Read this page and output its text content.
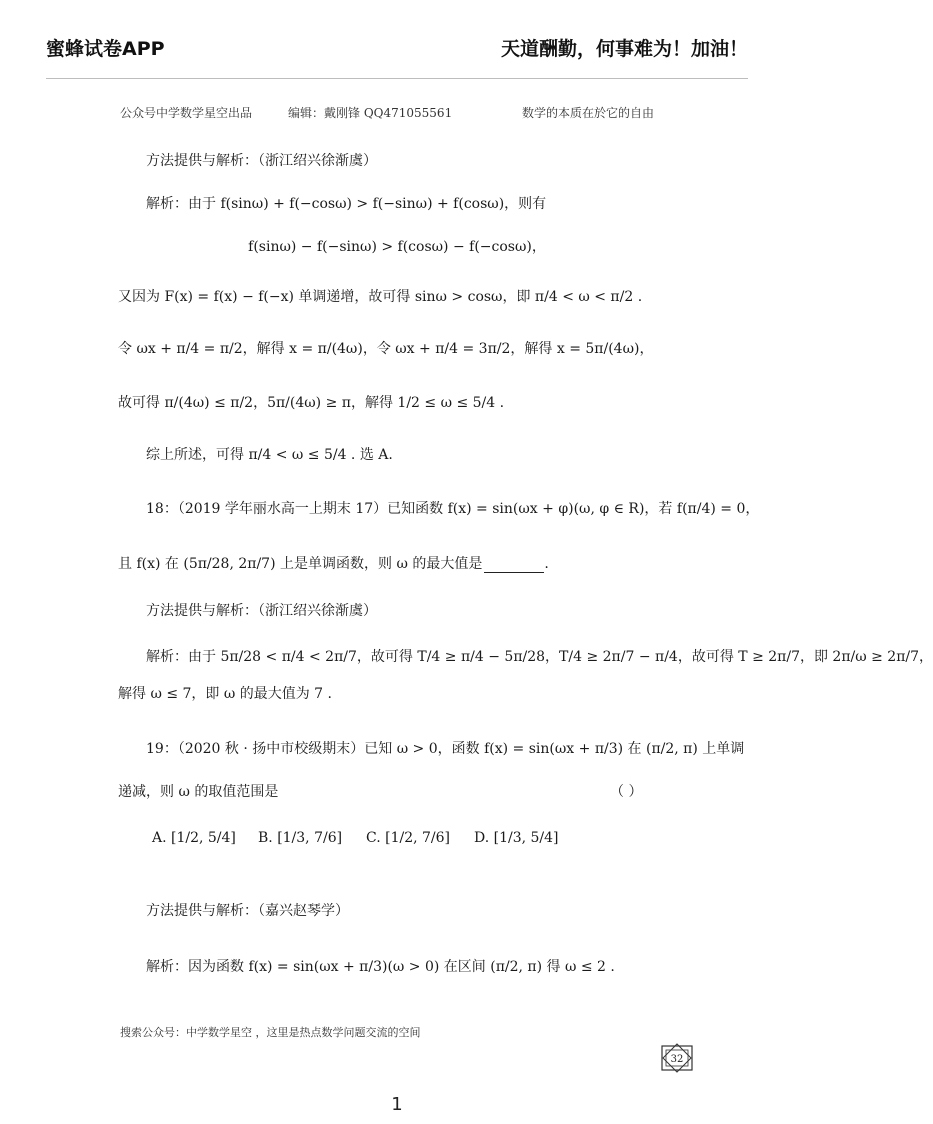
蜜蜂试卷APP	天道酬勤，何事难为！加油！
公众号中学数学星空出品	编辑：戴刚锋 QQ471055561	数学的本质在於它的自由
方法提供与解析：（浙江绍兴徐渐虞）
解析：由于 f(sinω) + f(−cosω) > f(−sinω) + f(cosω)，则有
f(sinω) − f(−sinω) > f(cosω) − f(−cosω)，
又因为 F(x) = f(x) − f(−x) 单调递增，故可得 sinω > cosω，即 π/4 < ω < π/2 .
令 ωx + π/4 = π/2，解得 x = π/(4ω)，令 ωx + π/4 = 3π/2，解得 x = 5π/(4ω)，
故可得 π/(4ω) ≤ π/2，5π/(4ω) ≥ π，解得 1/2 ≤ ω ≤ 5/4 .
综上所述，可得 π/4 < ω ≤ 5/4 . 选 A.
18：（2019 学年丽水高一上期末 17）已知函数 f(x) = sin(ωx + φ)(ω, φ ∈ R)，若 f(π/4) = 0，
且 f(x) 在 (5π/28, 2π/7) 上是单调函数，则 ω 的最大值是	.
方法提供与解析：（浙江绍兴徐渐虞）
解析：由于 5π/28 < π/4 < 2π/7，故可得 T/4 ≥ π/4 − 5π/28，T/4 ≥ 2π/7 − π/4，故可得 T ≥ 2π/7，即 2π/ω ≥ 2π/7，
解得 ω ≤ 7，即 ω 的最大值为 7 .
19：（2020 秋 · 扬中市校级期末）已知 ω > 0，函数 f(x) = sin(ωx + π/3) 在 (π/2, π) 上单调
递减，则 ω 的取值范围是	（ ）
A. [1/2, 5/4] B. [1/3, 7/6] C. [1/2, 7/6] D. [1/3, 5/4]
方法提供与解析：（嘉兴赵琴学）
解析：因为函数 f(x) = sin(ωx + π/3)(ω > 0) 在区间 (π/2, π) 得 ω ≤ 2 .
搜索公众号：中学数学星空 ，这里是热点数学问题交流的空间
32
1
